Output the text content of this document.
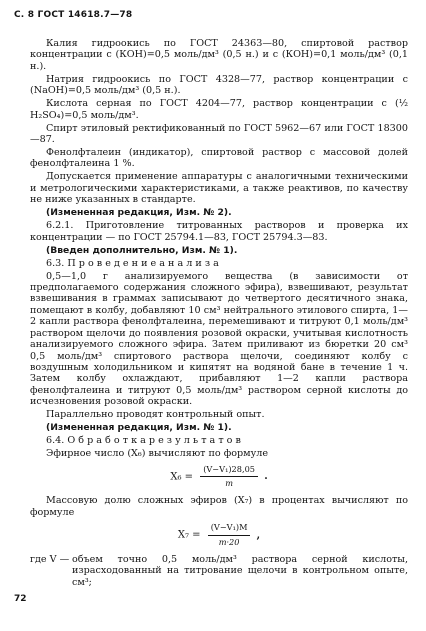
С. 8 ГОСТ 14618.7—78

Калия гидроокись по ГОСТ 24363—80, спиртовой раствор концентрации с (КОН)=0,5 моль/дм³ (0,5 н.) и с (КОН)=0,1 моль/дм³ (0,1 н.).

Натрия гидроокись по ГОСТ 4328—77, раствор концентрации с (NaOH)=0,5 моль/дм³ (0,5 н.).

Кислота серная по ГОСТ 4204—77, раствор концентрации с (½ H₂SO₄)=0,5 моль/дм³.

Спирт этиловый ректификованный по ГОСТ 5962—67 или ГОСТ 18300—87.

Фенолфталеин (индикатор), спиртовой раствор с массовой долей фенолфталеина 1 %.

Допускается применение аппаратуры с аналогичными техническими и метрологическими характеристиками, а также реактивов, по качеству не ниже указанных в стандарте.

(Измененная редакция, Изм. № 2).

6.2.1. Приготовление титрованных растворов и проверка их концентрации — по ГОСТ 25794.1—83, ГОСТ 25794.3—83.

(Введен дополнительно, Изм. № 1).

6.3. П р о в е д е н и е а н а л и з а

0,5—1,0 г анализируемого вещества (в зависимости от предполагаемого содержания сложного эфира), взвешивают, результат взвешивания в граммах записывают до четвертого десятичного знака, помещают в колбу, добавляют 10 см³ нейтрального этилового спирта, 1—2 капли раствора фенолфталеина, перемешивают и титруют 0,1 моль/дм³ раствором щелочи до появления розовой окраски, учитывая кислотность анализируемого сложного эфира. Затем приливают из бюретки 20 см³ 0,5 моль/дм³ спиртового раствора щелочи, соединяют колбу с воздушным холодильником и кипятят на водяной бане в течение 1 ч. Затем колбу охлаждают, прибавляют 1—2 капли раствора фенолфталеина и титруют 0,5 моль/дм³ раствором серной кислоты до исчезновения розовой окраски.

Параллельно проводят контрольный опыт.

(Измененная редакция, Изм. № 1).

6.4. О б р а б о т к а р е з у л ь т а т о в

Эфирное число (X₆) вычисляют по формуле

$X_6 = \frac{\text{(V−V₁)28,05}}{m}$ .

Массовую долю сложных эфиров (X₇) в процентах вычисляют по формуле

$X_7 = \frac{\text{(V−V₁)M}}{m\cdot 20}$ ,
где V — объем точно 0,5 моль/дм³ раствора серной кислоты, израсходованный на титрование щелочи в контрольном опыте, см³;
72
